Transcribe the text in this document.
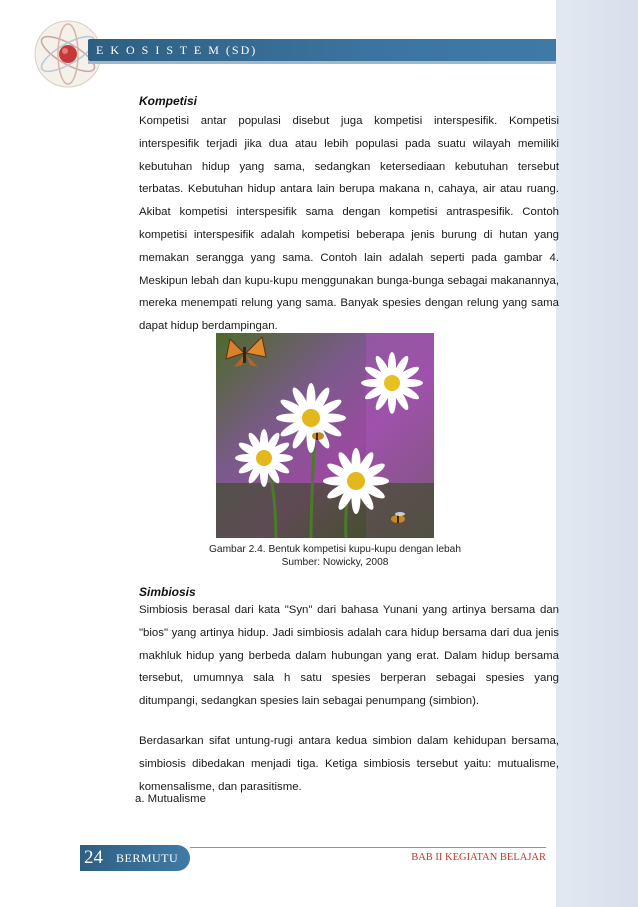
E K O S I S T E M (SD)
Kompetisi

Kompetisi antar populasi disebut juga kompetisi interspesifik. Kompetisi interspesifik terjadi jika dua atau lebih populasi pada suatu wilayah memiliki kebutuhan hidup yang sama, sedangkan ketersediaan kebutuhan tersebut terbatas. Kebutuhan hidup antara lain berupa makana n, cahaya, air atau ruang. Akibat kompetisi interspesifik sama dengan kompetisi antraspesifik. Contoh kompetisi interspesifik adalah kompetisi beberapa jenis burung di hutan yang memakan serangga yang sama. Contoh lain adalah seperti pada gambar 4. Meskipun lebah dan kupu-kupu menggunakan bunga-bunga sebagai makanannya, mereka menempati relung yang sama. Banyak spesies dengan relung yang sama dapat hidup berdampingan.

Gambar 2.4. Bentuk kompetisi kupu-kupu dengan lebah
Sumber: Nowicky, 2008
Simbiosis

Simbiosis berasal dari kata "Syn" dari bahasa Yunani yang artinya bersama dan "bios" yang artinya hidup. Jadi simbiosis adalah cara hidup bersama dari dua jenis makhluk hidup yang berbeda dalam hubungan yang erat. Dalam hidup bersama tersebut, umumnya sala h satu spesies berperan sebagai spesies yang ditumpangi, sedangkan spesies lain sebagai penumpang (simbion).

Berdasarkan sifat untung-rugi antara kedua simbion dalam kehidupan bersama, simbiosis dibedakan menjadi tiga. Ketiga simbiosis tersebut yaitu: mutualisme, komensalisme, dan parasitisme.

a. Mutualisme
24 BERMUTU	BAB II KEGIATAN BELAJAR
